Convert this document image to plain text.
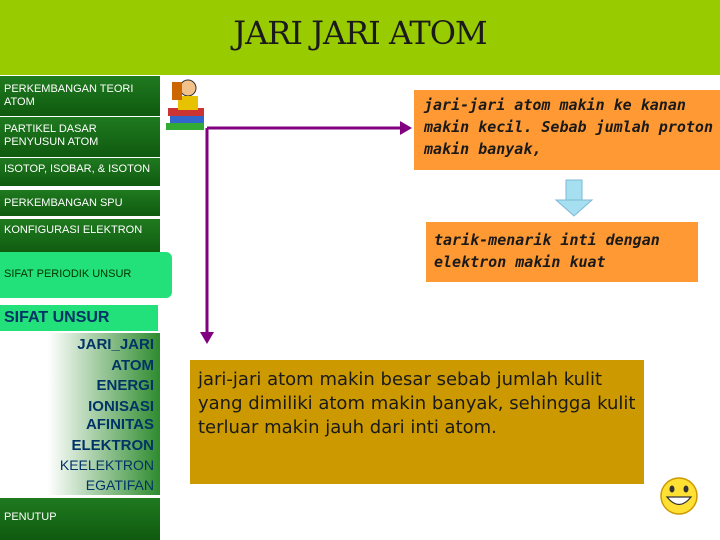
JARI JARI ATOM
PERKEMBANGAN TEORI ATOM
PARTIKEL DASAR PENYUSUN ATOM
ISOTOP, ISOBAR, & ISOTON
PERKEMBANGAN SPU
KONFIGURASI ELEKTRON
SIFAT PERIODIK UNSUR
SIFAT UNSUR
JARI_JARI
ATOM
ENERGI
IONISASI
AFINITAS
ELEKTRON
KEELEKTRON
EGATIFAN
PENUTUP
jari-jari atom makin ke kanan makin kecil. Sebab jumlah proton makin banyak,
tarik-menarik inti dengan elektron makin kuat
jari-jari atom makin besar sebab jumlah kulit yang dimiliki atom makin banyak, sehingga kulit terluar makin jauh dari inti atom.
